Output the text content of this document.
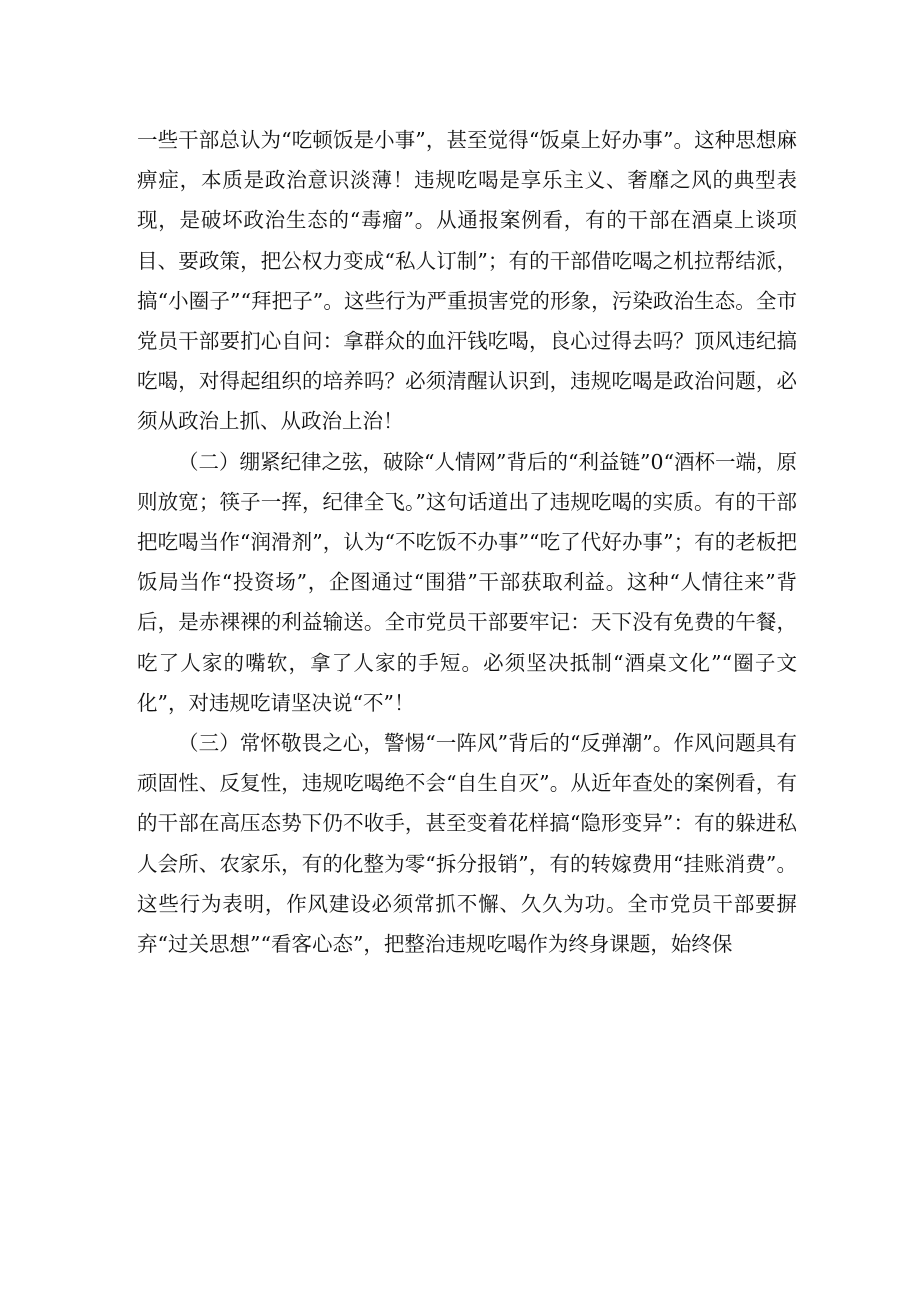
一些干部总认为“吃顿饭是小事”，甚至觉得“饭桌上好办事”。这种思想麻痹症，本质是政治意识淡薄！违规吃喝是享乐主义、奢靡之风的典型表现，是破坏政治生态的“毒瘤”。从通报案例看，有的干部在酒桌上谈项目、要政策，把公权力变成“私人订制”；有的干部借吃喝之机拉帮结派，搞“小圈子”“拜把子”。这些行为严重损害党的形象，污染政治生态。全市党员干部要扪心自问：拿群众的血汗钱吃喝，良心过得去吗？顶风违纪搞吃喝，对得起组织的培养吗？必须清醒认识到，违规吃喝是政治问题，必须从政治上抓、从政治上治！

（二）绷紧纪律之弦，破除“人情网”背后的“利益链”0“酒杯一端，原则放宽；筷子一挥，纪律全飞。”这句话道出了违规吃喝的实质。有的干部把吃喝当作“润滑剂”，认为“不吃饭不办事”“吃了代好办事”；有的老板把饭局当作“投资场”，企图通过“围猎”干部获取利益。这种“人情往来”背后，是赤裸裸的利益输送。全市党员干部要牢记：天下没有免费的午餐，吃了人家的嘴软，拿了人家的手短。必须坚决抵制“酒桌文化”“圈子文化”，对违规吃请坚决说“不”！

（三）常怀敬畏之心，警惕“一阵风”背后的“反弹潮”。作风问题具有顽固性、反复性，违规吃喝绝不会“自生自灭”。从近年查处的案例看，有的干部在高压态势下仍不收手，甚至变着花样搞“隐形变异”：有的躲进私人会所、农家乐，有的化整为零“拆分报销”，有的转嫁费用“挂账消费”。这些行为表明，作风建设必须常抓不懈、久久为功。全市党员干部要摒弃“过关思想”“看客心态”，把整治违规吃喝作为终身课题，始终保
